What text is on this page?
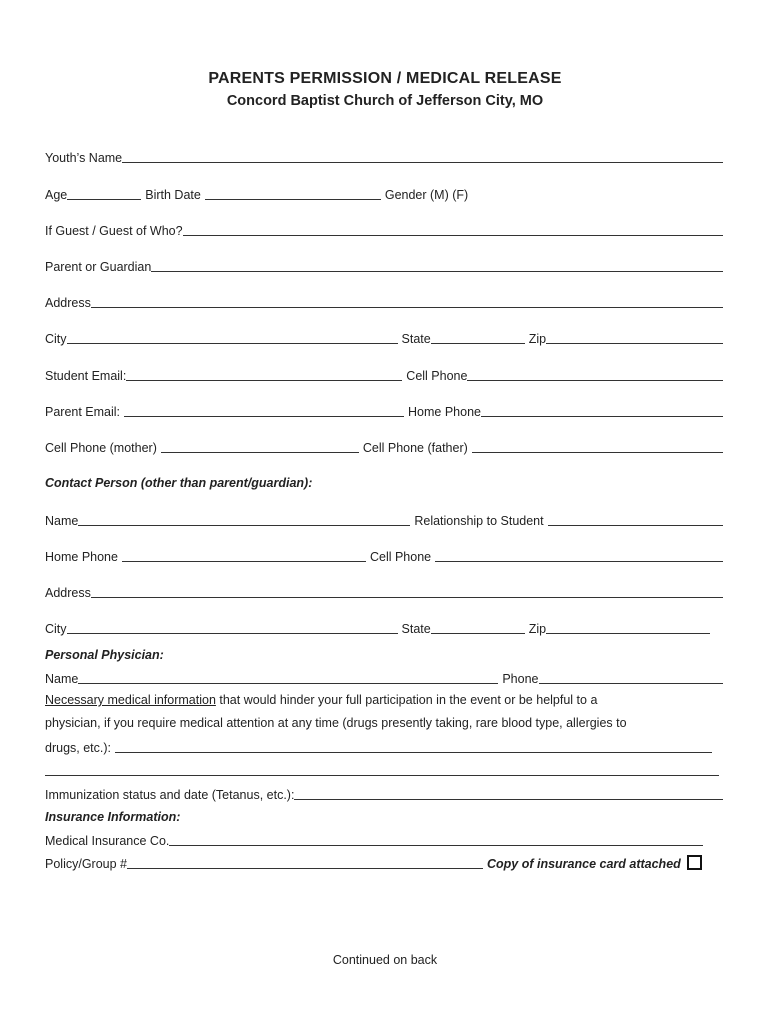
PARENTS PERMISSION / MEDICAL RELEASE
Concord Baptist Church of Jefferson City, MO
Youth’s Name
Age	Birth Date	Gender (M) (F)
If Guest / Guest of Who?
Parent or Guardian
Address
City	State	Zip
Student Email:	Cell Phone
Parent Email:	Home Phone
Cell Phone (mother)	Cell Phone (father)
Contact Person (other than parent/guardian):
Name	Relationship to Student
Home Phone	Cell Phone
Address
City	State	Zip
Personal Physician:
Name	Phone
Necessary medical information that would hinder your full participation in the event or be helpful to a
physician, if you require medical attention at any time (drugs presently taking, rare blood type, allergies to
drugs, etc.):
Immunization status and date (Tetanus, etc.):
Insurance Information:
Medical Insurance Co.
Policy/Group #	Copy of insurance card attached
Continued on back
